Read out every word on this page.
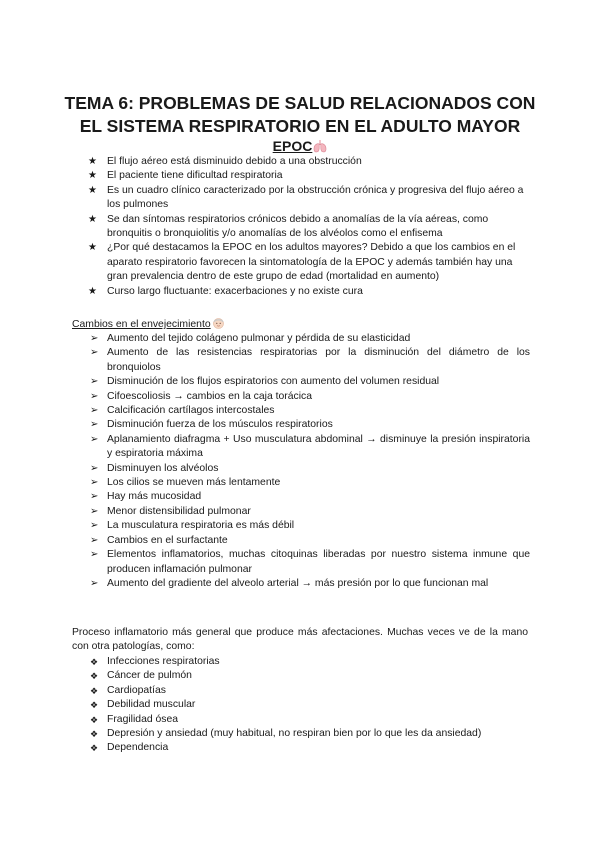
TEMA 6: PROBLEMAS DE SALUD RELACIONADOS CON EL SISTEMA RESPIRATORIO EN EL ADULTO MAYOR
EPOC
★ El flujo aéreo está disminuido debido a una obstrucción
★ El paciente tiene dificultad respiratoria
★ Es un cuadro clínico caracterizado por la obstrucción crónica y progresiva del flujo aéreo a los pulmones
★ Se dan síntomas respiratorios crónicos debido a anomalías de la vía aéreas, como bronquitis o bronquiolitis y/o anomalías de los alvéolos como el enfisema
★ ¿Por qué destacamos la EPOC en los adultos mayores? Debido a que los cambios en el aparato respiratorio favorecen la sintomatología de la EPOC y además también hay una gran prevalencia dentro de este grupo de edad (mortalidad en aumento)
★ Curso largo fluctuante: exacerbaciones y no existe cura
Cambios en el envejecimiento
➢ Aumento del tejido colágeno pulmonar y pérdida de su elasticidad
➢ Aumento de las resistencias respiratorias por la disminución del diámetro de los bronquiolos
➢ Disminución de los flujos espiratorios con aumento del volumen residual
➢ Cifoescoliosis → cambios en la caja torácica
➢ Calcificación cartílagos intercostales
➢ Disminución fuerza de los músculos respiratorios
➢ Aplanamiento diafragma + Uso musculatura abdominal → disminuye la presión inspiratoria y espiratoria máxima
➢ Disminuyen los alvéolos
➢ Los cilios se mueven más lentamente
➢ Hay más mucosidad
➢ Menor distensibilidad pulmonar
➢ La musculatura respiratoria es más débil
➢ Cambios en el surfactante
➢ Elementos inflamatorios, muchas citoquinas liberadas por nuestro sistema inmune que producen inflamación pulmonar
➢ Aumento del gradiente del alveolo arterial → más presión por lo que funcionan mal

Proceso inflamatorio más general que produce más afectaciones. Muchas veces ve de la mano con otra patologías, como:

❖ Infecciones respiratorias
❖ Cáncer de pulmón
❖ Cardiopatías
❖ Debilidad muscular
❖ Fragilidad ósea
❖ Depresión y ansiedad (muy habitual, no respiran bien por lo que les da ansiedad)
❖ Dependencia
